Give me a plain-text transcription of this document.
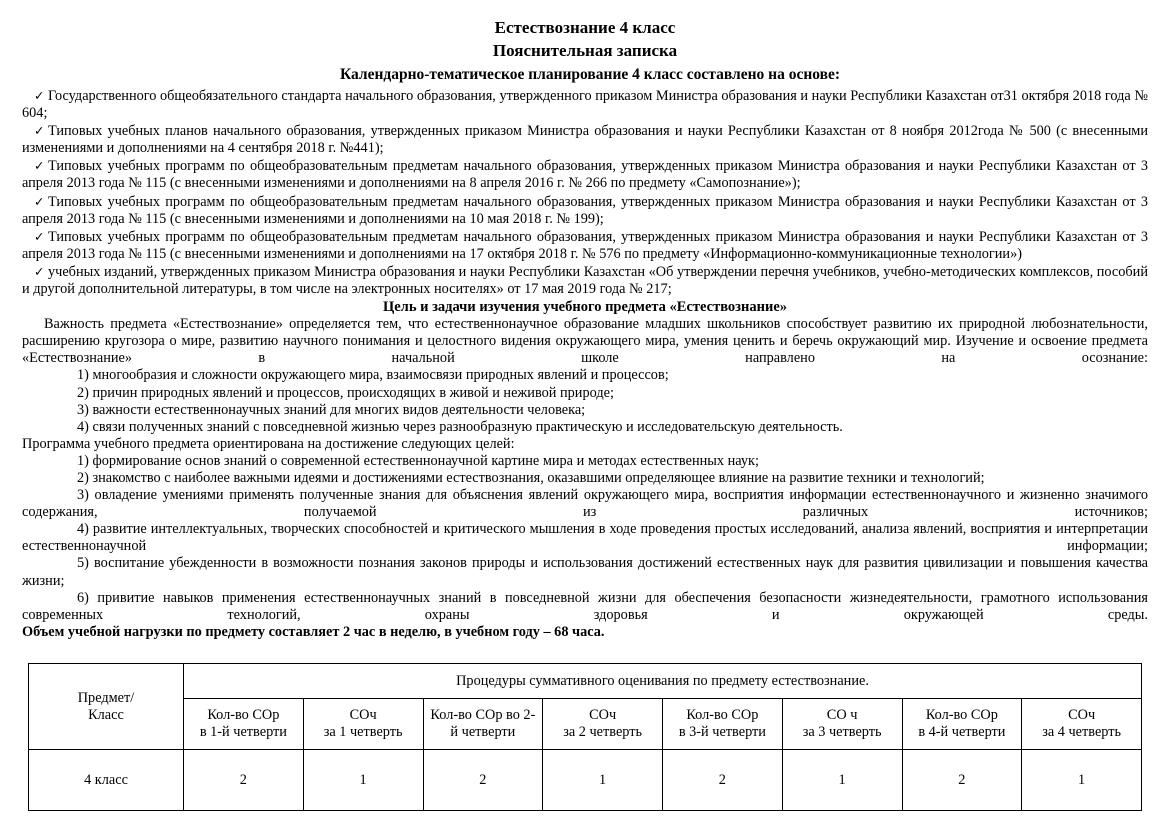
Естествознание 4 класс
Пояснительная записка
Календарно-тематическое планирование 4 класс составлено на основе:

✓ Государственного общеобязательного стандарта начального образования, утвержденного приказом Министра образования и науки Республики Казахстан от31 октября 2018 года № 604;

✓ Типовых учебных планов начального образования, утвержденных приказом Министра образования и науки Республики Казахстан от 8 ноября 2012года № 500 (с внесенными изменениями и дополнениями на 4 сентября 2018 г. №441);

✓ Типовых учебных программ по общеобразовательным предметам начального образования, утвержденных приказом Министра образования и науки Республики Казахстан от 3 апреля 2013 года № 115 (с внесенными изменениями и дополнениями на 8 апреля 2016 г. № 266 по предмету «Самопознание»);

✓ Типовых учебных программ по общеобразовательным предметам начального образования, утвержденных приказом Министра образования и науки Республики Казахстан от 3 апреля 2013 года № 115 (с внесенными изменениями и дополнениями на 10 мая 2018 г. № 199);

✓ Типовых учебных программ по общеобразовательным предметам начального образования, утвержденных приказом Министра образования и науки Республики Казахстан от 3 апреля 2013 года № 115 (с внесенными изменениями и дополнениями на 17 октября 2018 г. № 576 по предмету «Информационно-коммуникационные технологии»)

✓ учебных изданий, утвержденных приказом Министра образования и науки Республики Казахстан «Об утверждении перечня учебников, учебно-методических комплексов, пособий и другой дополнительной литературы, в том числе на электронных носителях» от 17 мая 2019 года № 217;

Цель и задачи изучения учебного предмета «Естествознание»

Важность предмета «Естествознание» определяется тем, что естественнонаучное образование младших школьников способствует развитию их природной любознательности, расширению кругозора о мире, развитию научного понимания и целостного видения окружающего мира, умения ценить и беречь окружающий мир. Изучение и освоение предмета «Естествознание» в начальной школе направлено на осознание:

1) многообразия и сложности окружающего мира, взаимосвязи природных явлений и процессов;

2) причин природных явлений и процессов, происходящих в живой и неживой природе;

3) важности естественнонаучных знаний для многих видов деятельности человека;

4) связи полученных знаний с повседневной жизнью через разнообразную практическую и исследовательскую деятельность.

Программа учебного предмета ориентирована на достижение следующих целей:

1) формирование основ знаний о современной естественнонаучной картине мира и методах естественных наук;

2) знакомство с наиболее важными идеями и достижениями естествознания, оказавшими определяющее влияние на развитие техники и технологий;

3) овладение умениями применять полученные знания для объяснения явлений окружающего мира, восприятия информации естественнонаучного и жизненно значимого содержания, получаемой из различных источников;

4) развитие интеллектуальных, творческих способностей и критического мышления в ходе проведения простых исследований, анализа явлений, восприятия и интерпретации естественнонаучной информации;

5) воспитание убежденности в возможности познания законов природы и использования достижений естественных наук для развития цивилизации и повышения качества жизни;

6) привитие навыков применения естественнонаучных знаний в повседневной жизни для обеспечения безопасности жизнедеятельности, грамотного использования современных технологий, охраны здоровья и окружающей среды.

Объем учебной нагрузки по предмету составляет 2 час в неделю, в учебном году – 68 часа.

Предмет/
Класс	Процедуры суммативного оценивания по предмету естествознание.							

	Кол-во СОр
в 1-й четверти	СОч
за 1 четверть	Кол-во СОр во 2-
й четверти	СОч
за 2 четверть	Кол-во СОр
в 3-й четверти	СО ч
за 3 четверть	Кол-во СОр
в 4-й четверти	СОч
за 4 четверть

4 класс	2	1	2	1	2	1	2	1
